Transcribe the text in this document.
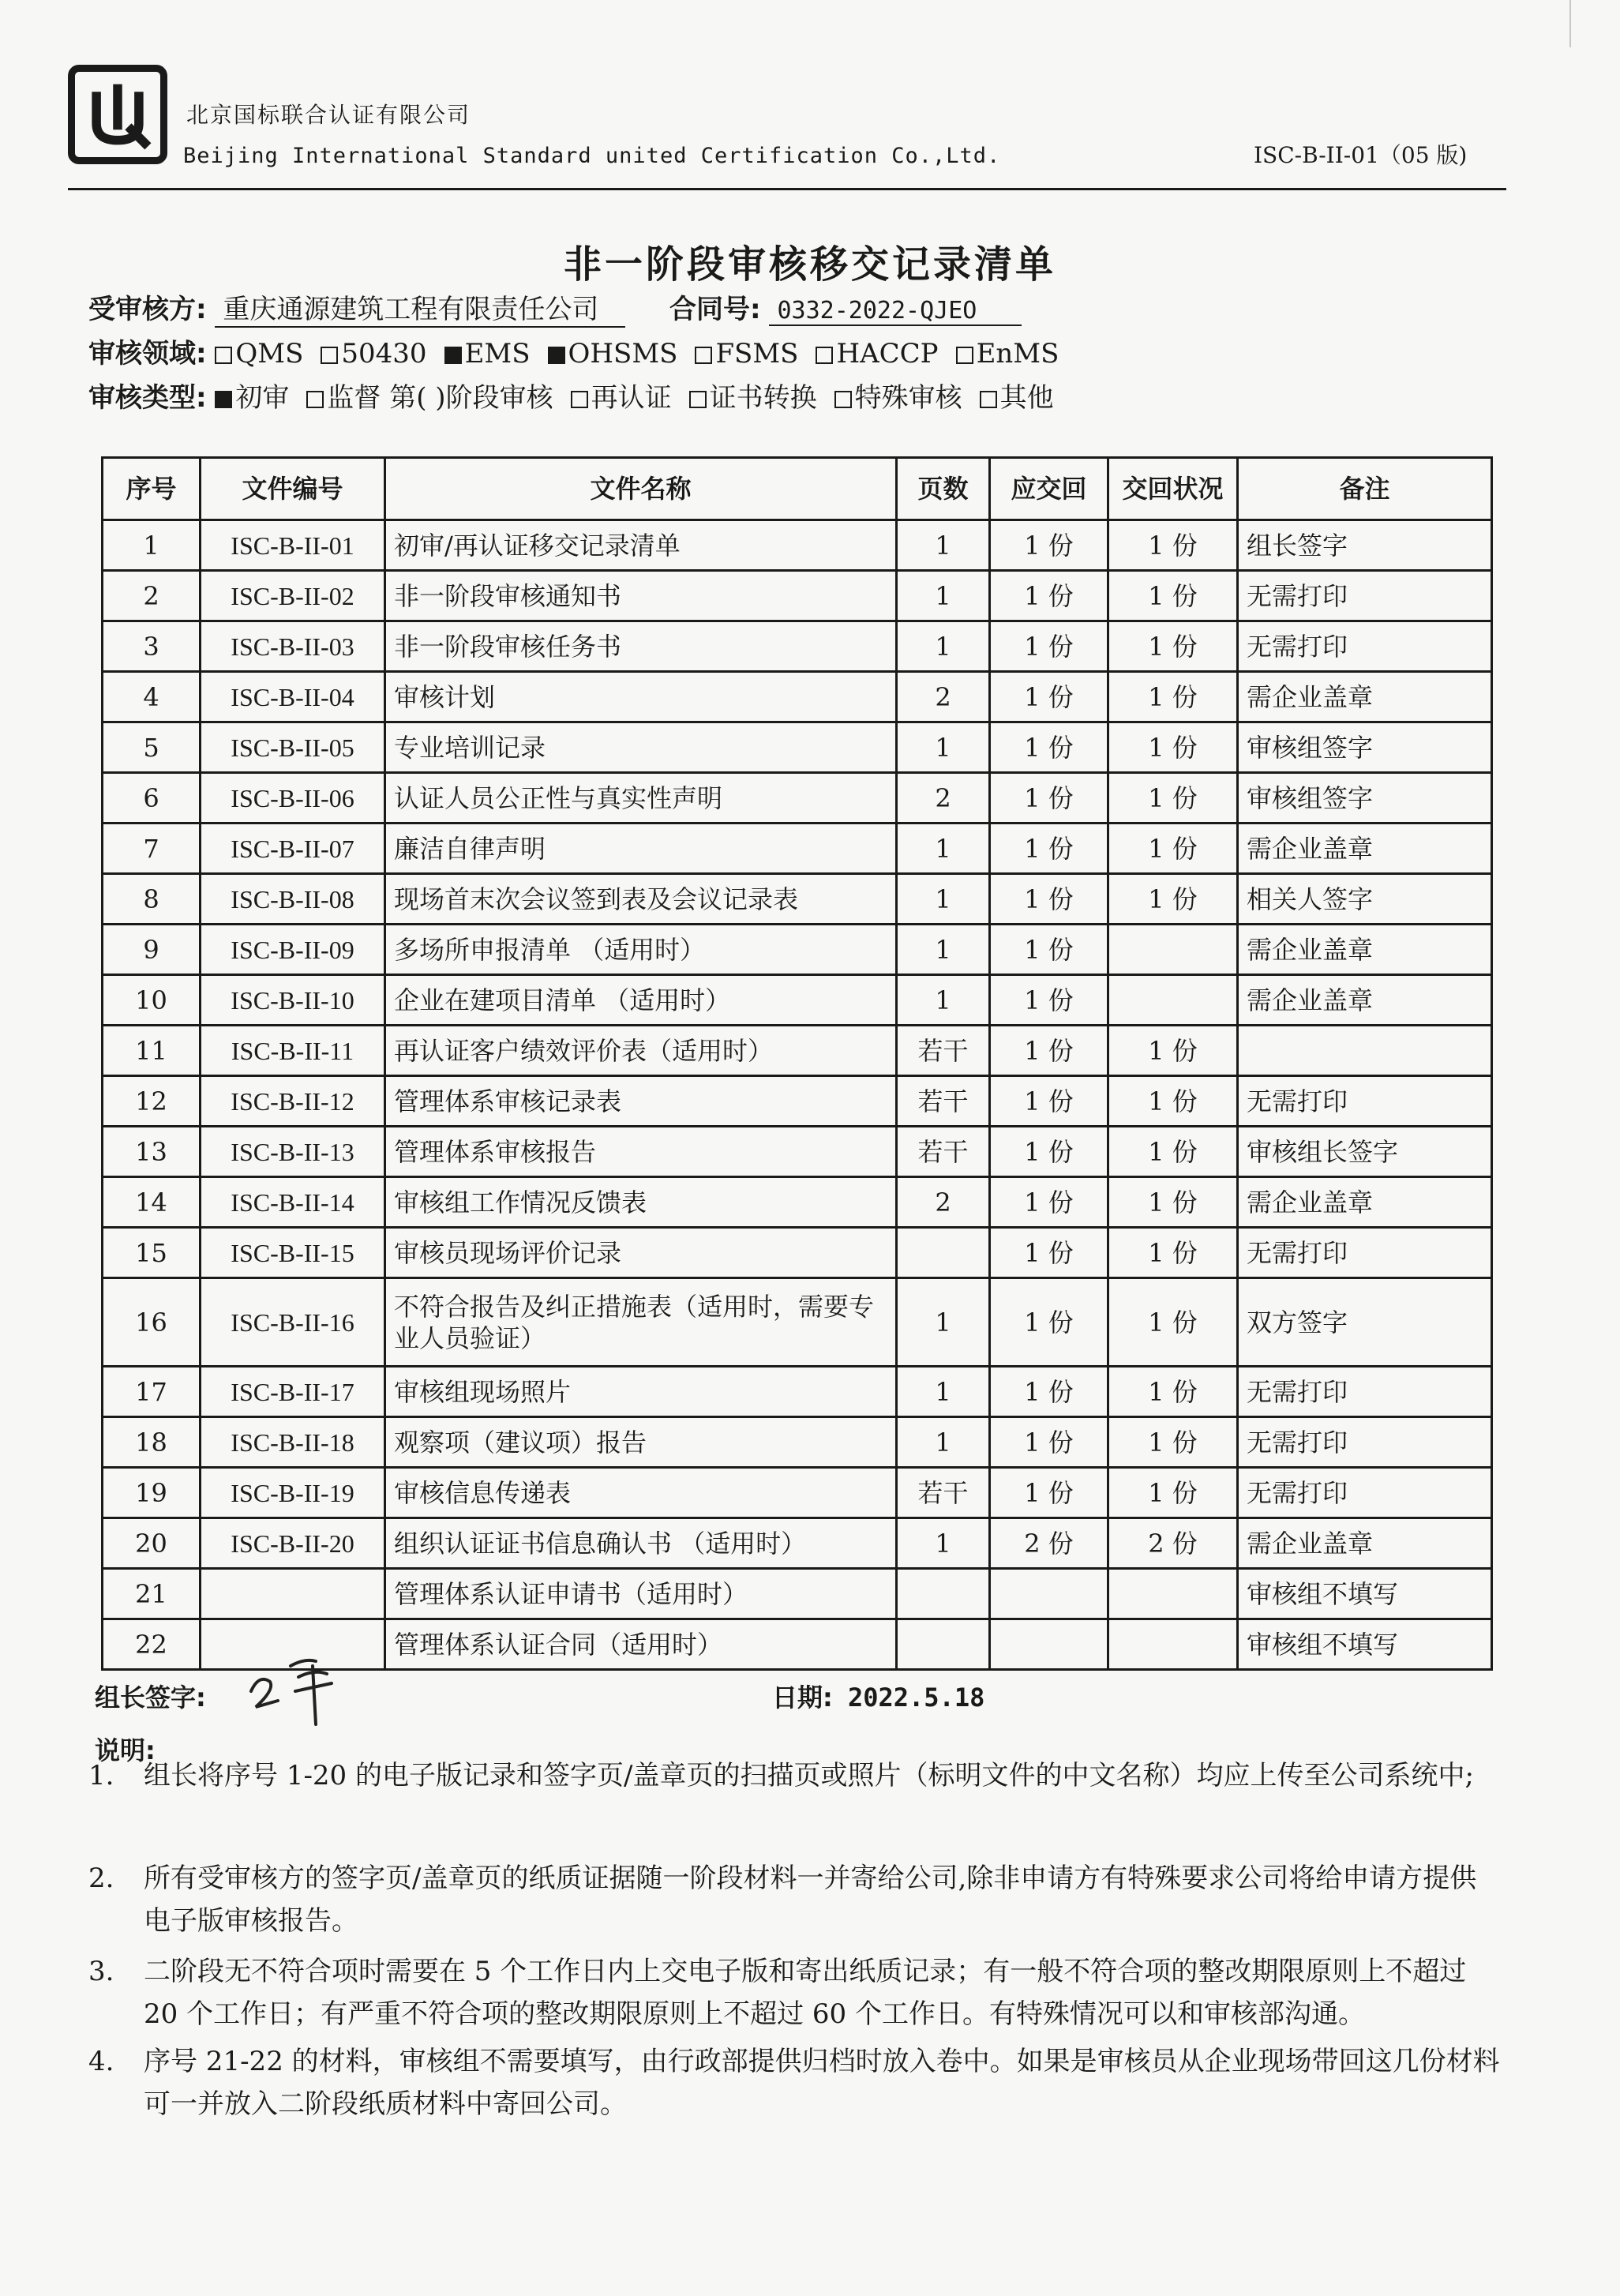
北京国标联合认证有限公司
Beijing International Standard united Certification Co.,Ltd.	ISC-B-II-01（05 版)
非一阶段审核移交记录清单
受审核方: 重庆通源建筑工程有限责任公司	合同号: 0332-2022-QJEO
审核领域: QMS 50430 EMS OHSMS FSMS HACCP EnMS
审核类型: 初审 监督 第( )阶段审核 再认证 证书转换 特殊审核 其他
序号	文件编号	文件名称	页数	应交回	交回状况	备注
1	ISC-B-II-01	初审/再认证移交记录清单	1	1 份	1 份	组长签字
2	ISC-B-II-02	非一阶段审核通知书	1	1 份	1 份	无需打印
3	ISC-B-II-03	非一阶段审核任务书	1	1 份	1 份	无需打印
4	ISC-B-II-04	审核计划	2	1 份	1 份	需企业盖章
5	ISC-B-II-05	专业培训记录	1	1 份	1 份	审核组签字
6	ISC-B-II-06	认证人员公正性与真实性声明	2	1 份	1 份	审核组签字
7	ISC-B-II-07	廉洁自律声明	1	1 份	1 份	需企业盖章
8	ISC-B-II-08	现场首末次会议签到表及会议记录表	1	1 份	1 份	相关人签字
9	ISC-B-II-09	多场所申报清单 （适用时）	1	1 份		需企业盖章
10	ISC-B-II-10	企业在建项目清单 （适用时）	1	1 份		需企业盖章
11	ISC-B-II-11	再认证客户绩效评价表（适用时）	若干	1 份	1 份	
12	ISC-B-II-12	管理体系审核记录表	若干	1 份	1 份	无需打印
13	ISC-B-II-13	管理体系审核报告	若干	1 份	1 份	审核组长签字
14	ISC-B-II-14	审核组工作情况反馈表	2	1 份	1 份	需企业盖章
15	ISC-B-II-15	审核员现场评价记录		1 份	1 份	无需打印
16	ISC-B-II-16	不符合报告及纠正措施表（适用时，需要专业人员验证）	1	1 份	1 份	双方签字
17	ISC-B-II-17	审核组现场照片	1	1 份	1 份	无需打印
18	ISC-B-II-18	观察项（建议项）报告	1	1 份	1 份	无需打印
19	ISC-B-II-19	审核信息传递表	若干	1 份	1 份	无需打印
20	ISC-B-II-20	组织认证证书信息确认书 （适用时）	1	2 份	2 份	需企业盖章
21		管理体系认证申请书（适用时）				审核组不填写
22		管理体系认证合同（适用时）				审核组不填写
组长签字:	日期: 2022.5.18
说明:
1. 组长将序号 1-20 的电子版记录和签字页/盖章页的扫描页或照片（标明文件的中文名称）均应上传至公司系统中;
2. 所有受审核方的签字页/盖章页的纸质证据随一阶段材料一并寄给公司,除非申请方有特殊要求公司将给申请方提供电子版审核报告。
3. 二阶段无不符合项时需要在 5 个工作日内上交电子版和寄出纸质记录；有一般不符合项的整改期限原则上不超过 20 个工作日；有严重不符合项的整改期限原则上不超过 60 个工作日。有特殊情况可以和审核部沟通。
4. 序号 21-22 的材料，审核组不需要填写，由行政部提供归档时放入卷中。如果是审核员从企业现场带回这几份材料可一并放入二阶段纸质材料中寄回公司。
